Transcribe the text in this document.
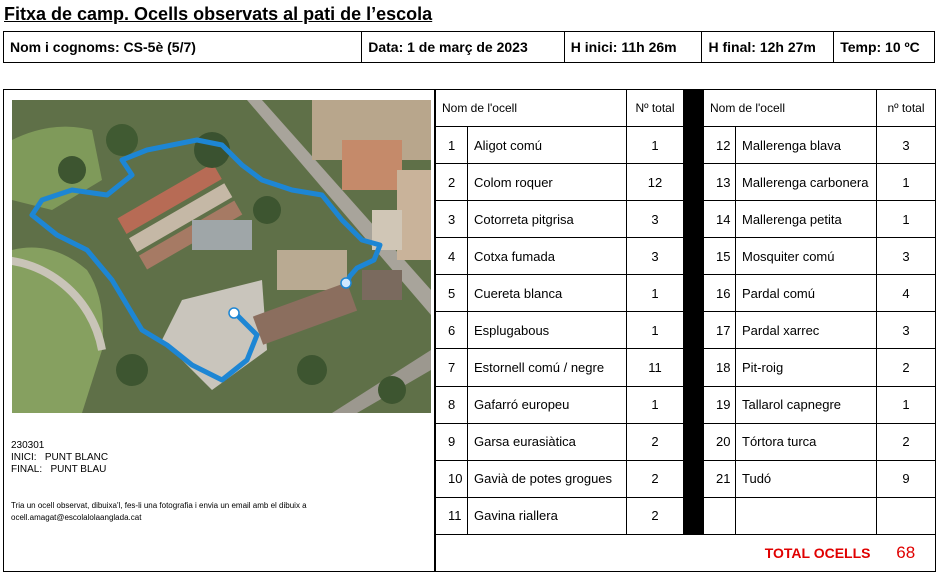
Fitxa de camp. Ocells observats al pati de l’escola
Nom i cognoms: CS-5è (5/7)	Data: 1 de març de 2023	H inici: 11h 26m	H final: 12h 27m	Temp: 10 ºC
230301
INICI:   PUNT BLANC
FINAL:   PUNT BLAU
Tria un ocell observat, dibuixa'l, fes-li una fotografia i envia un email amb el dibuix a ocell.amagat@escolalolaanglada.cat
Nom de l'ocell		Nº total		Nom de l'ocell		nº total
1	Aligot comú	1		12	Mallerenga blava	3
2	Colom roquer	12		13	Mallerenga carbonera	1
3	Cotorreta pitgrisa	3		14	Mallerenga petita	1
4	Cotxa fumada	3		15	Mosquiter comú	3
5	Cuereta blanca	1		16	Pardal comú	4
6	Esplugabous	1		17	Pardal xarrec	3
7	Estornell comú / negre	11		18	Pit-roig	2
8	Gafarró europeu	1		19	Tallarol capnegre	1
9	Garsa eurasiàtica	2		20	Tórtora turca	2
10	Gavià de potes grogues	2		21	Tudó	9
11	Gavina riallera	2				
TOTAL OCELLS						68
